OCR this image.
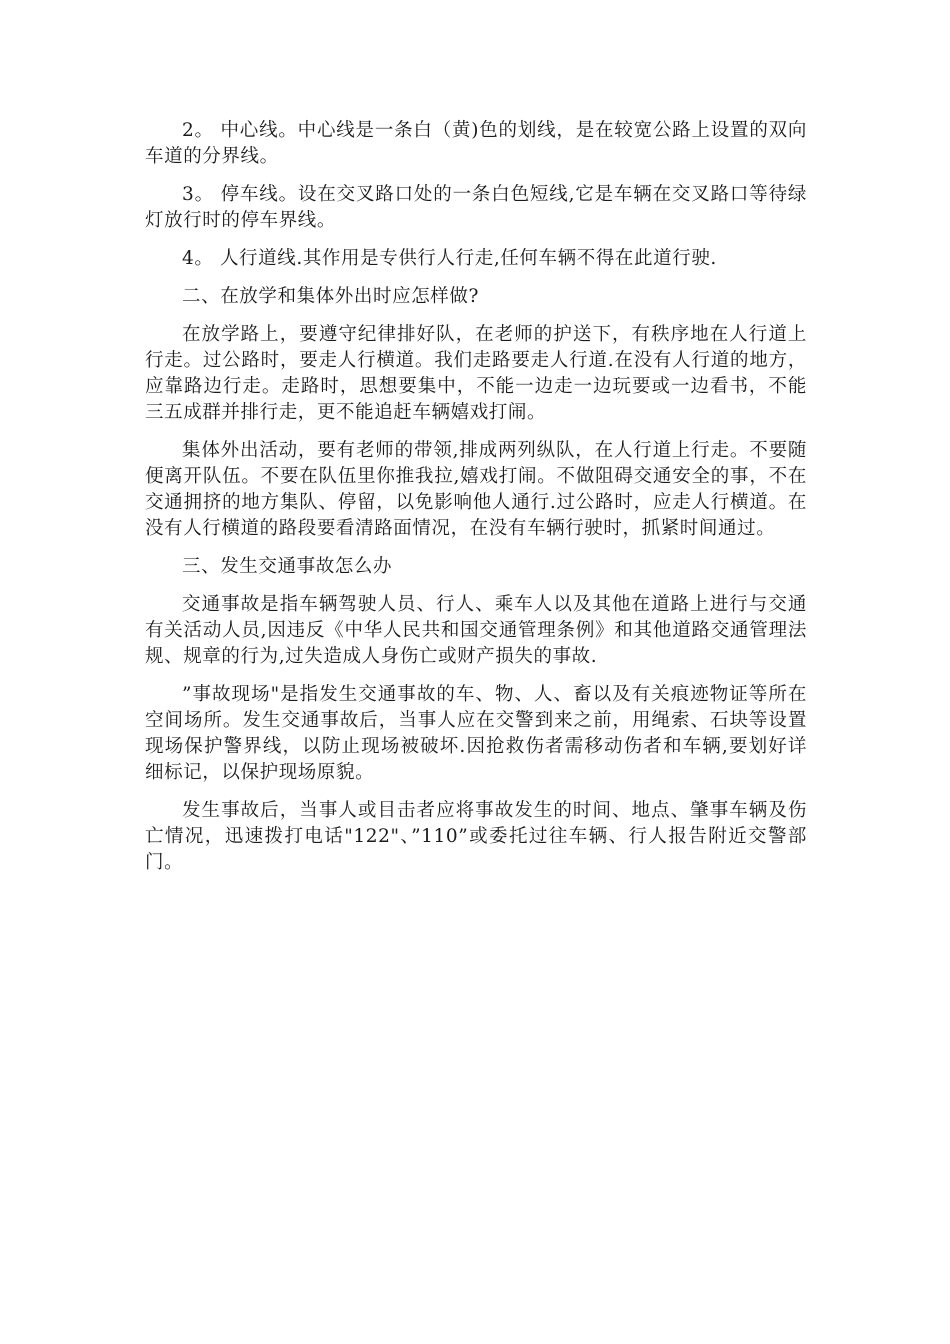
2。 中心线。中心线是一条白（黄)色的划线，是在较宽公路上设置的双向车道的分界线。

3。 停车线。设在交叉路口处的一条白色短线,它是车辆在交叉路口等待绿灯放行时的停车界线。

4。 人行道线.其作用是专供行人行走,任何车辆不得在此道行驶.

二、在放学和集体外出时应怎样做?

在放学路上，要遵守纪律排好队，在老师的护送下，有秩序地在人行道上行走。过公路时，要走人行横道。我们走路要走人行道.在没有人行道的地方，应靠路边行走。走路时，思想要集中，不能一边走一边玩要或一边看书，不能三五成群并排行走，更不能追赶车辆嬉戏打闹。

集体外出活动，要有老师的带领,排成两列纵队，在人行道上行走。不要随便离开队伍。不要在队伍里你推我拉,嬉戏打闹。不做阻碍交通安全的事，不在交通拥挤的地方集队、停留，以免影响他人通行.过公路时，应走人行横道。在没有人行横道的路段要看清路面情况，在没有车辆行驶时，抓紧时间通过。

三、发生交通事故怎么办

交通事故是指车辆驾驶人员、行人、乘车人以及其他在道路上进行与交通有关活动人员,因违反《中华人民共和国交通管理条例》和其他道路交通管理法规、规章的行为,过失造成人身伤亡或财产损失的事故.

”事故现场"是指发生交通事故的车、物、人、畜以及有关痕迹物证等所在空间场所。发生交通事故后，当事人应在交警到来之前，用绳索、石块等设置现场保护警界线，以防止现场被破坏.因抢救伤者需移动伤者和车辆,要划好详细标记，以保护现场原貌。

发生事故后，当事人或目击者应将事故发生的时间、地点、肇事车辆及伤亡情况，迅速拨打电话"122"、”110”或委托过往车辆、行人报告附近交警部门。
